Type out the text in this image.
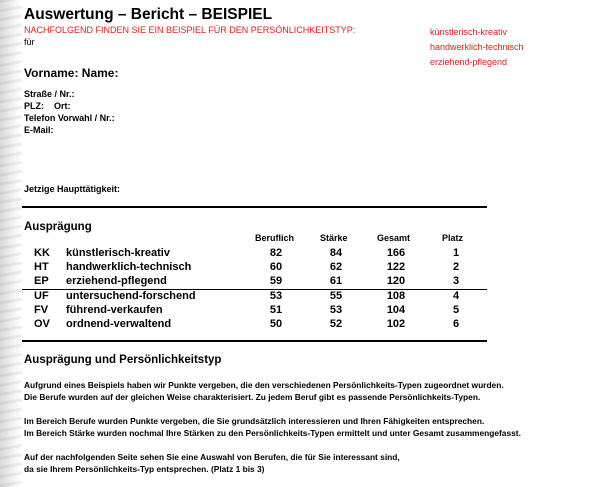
Auswertung – Bericht – BEISPIEL
NACHFOLGEND FINDEN SIE EIN BEISPIEL FÜR DEN PERSÖNLICHKEITSTYP:
für
künstlerisch-kreativ
handwerklich-technisch
erziehend-pflegend
Vorname: Name:
Straße / Nr.:
PLZ:    Ort:
Telefon Vorwahl / Nr.:
E-Mail:
Jetzige Haupttätigkeit:
Ausprägung
Beruflich	Stärke	Gesamt	Platz
KK künstlerisch-kreativ	82	84	166	1
HT handwerklich-technisch	60	62	122	2
EP erziehend-pflegend	59	61	120	3
UF untersuchend-forschend	53	55	108	4
FV führend-verkaufen	51	53	104	5
OV ordnend-verwaltend	50	52	102	6
Ausprägung und Persönlichkeitstyp
Aufgrund eines Beispiels haben wir Punkte vergeben, die den verschiedenen Persönlichkeits-Typen zugeordnet wurden.
Die Berufe wurden auf der gleichen Weise charakterisiert. Zu jedem Beruf gibt es passende Persönlichkeits-Typen.
Im Bereich Berufe wurden Punkte vergeben, die Sie grundsätzlich interessieren und Ihren Fähigkeiten entsprechen.
Im Bereich Stärke wurden nochmal Ihre Stärken zu den Persönlichkeits-Typen ermittelt und unter Gesamt zusammengefasst.
Auf der nachfolgenden Seite sehen Sie eine Auswahl von Berufen, die für Sie interessant sind,
da sie Ihrem Persönlichkeits-Typ entsprechen. (Platz 1 bis 3)
